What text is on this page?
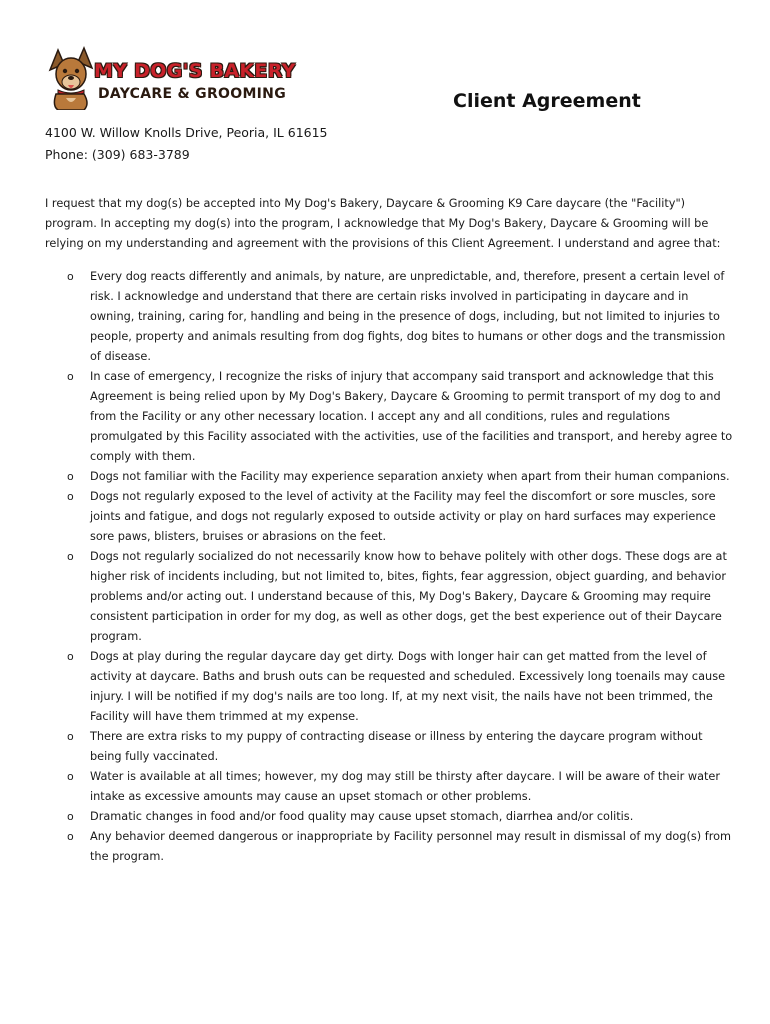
MY DOG'S BAKERY
DAYCARE & GROOMING	Client Agreement
4100 W. Willow Knolls Drive, Peoria, IL 61615
Phone: (309) 683-3789

I request that my dog(s) be accepted into My Dog's Bakery, Daycare & Grooming K9 Care daycare (the "Facility") program. In accepting my dog(s) into the program, I acknowledge that My Dog's Bakery, Daycare & Grooming will be relying on my understanding and agreement with the provisions of this Client Agreement. I understand and agree that:

o Every dog reacts differently and animals, by nature, are unpredictable, and, therefore, present a certain level of risk. I acknowledge and understand that there are certain risks involved in participating in daycare and in owning, training, caring for, handling and being in the presence of dogs, including, but not limited to injuries to people, property and animals resulting from dog fights, dog bites to humans or other dogs and the transmission of disease.
o In case of emergency, I recognize the risks of injury that accompany said transport and acknowledge that this Agreement is being relied upon by My Dog's Bakery, Daycare & Grooming to permit transport of my dog to and from the Facility or any other necessary location. I accept any and all conditions, rules and regulations promulgated by this Facility associated with the activities, use of the facilities and transport, and hereby agree to comply with them.
o Dogs not familiar with the Facility may experience separation anxiety when apart from their human companions.
o Dogs not regularly exposed to the level of activity at the Facility may feel the discomfort or sore muscles, sore joints and fatigue, and dogs not regularly exposed to outside activity or play on hard surfaces may experience sore paws, blisters, bruises or abrasions on the feet.
o Dogs not regularly socialized do not necessarily know how to behave politely with other dogs. These dogs are at higher risk of incidents including, but not limited to, bites, fights, fear aggression, object guarding, and behavior problems and/or acting out. I understand because of this, My Dog's Bakery, Daycare & Grooming may require consistent participation in order for my dog, as well as other dogs, get the best experience out of their Daycare program.
o Dogs at play during the regular daycare day get dirty. Dogs with longer hair can get matted from the level of activity at daycare. Baths and brush outs can be requested and scheduled. Excessively long toenails may cause injury. I will be notified if my dog's nails are too long. If, at my next visit, the nails have not been trimmed, the Facility will have them trimmed at my expense.
o There are extra risks to my puppy of contracting disease or illness by entering the daycare program without being fully vaccinated.
o Water is available at all times; however, my dog may still be thirsty after daycare. I will be aware of their water intake as excessive amounts may cause an upset stomach or other problems.
o Dramatic changes in food and/or food quality may cause upset stomach, diarrhea and/or colitis.
o Any behavior deemed dangerous or inappropriate by Facility personnel may result in dismissal of my dog(s) from the program.
